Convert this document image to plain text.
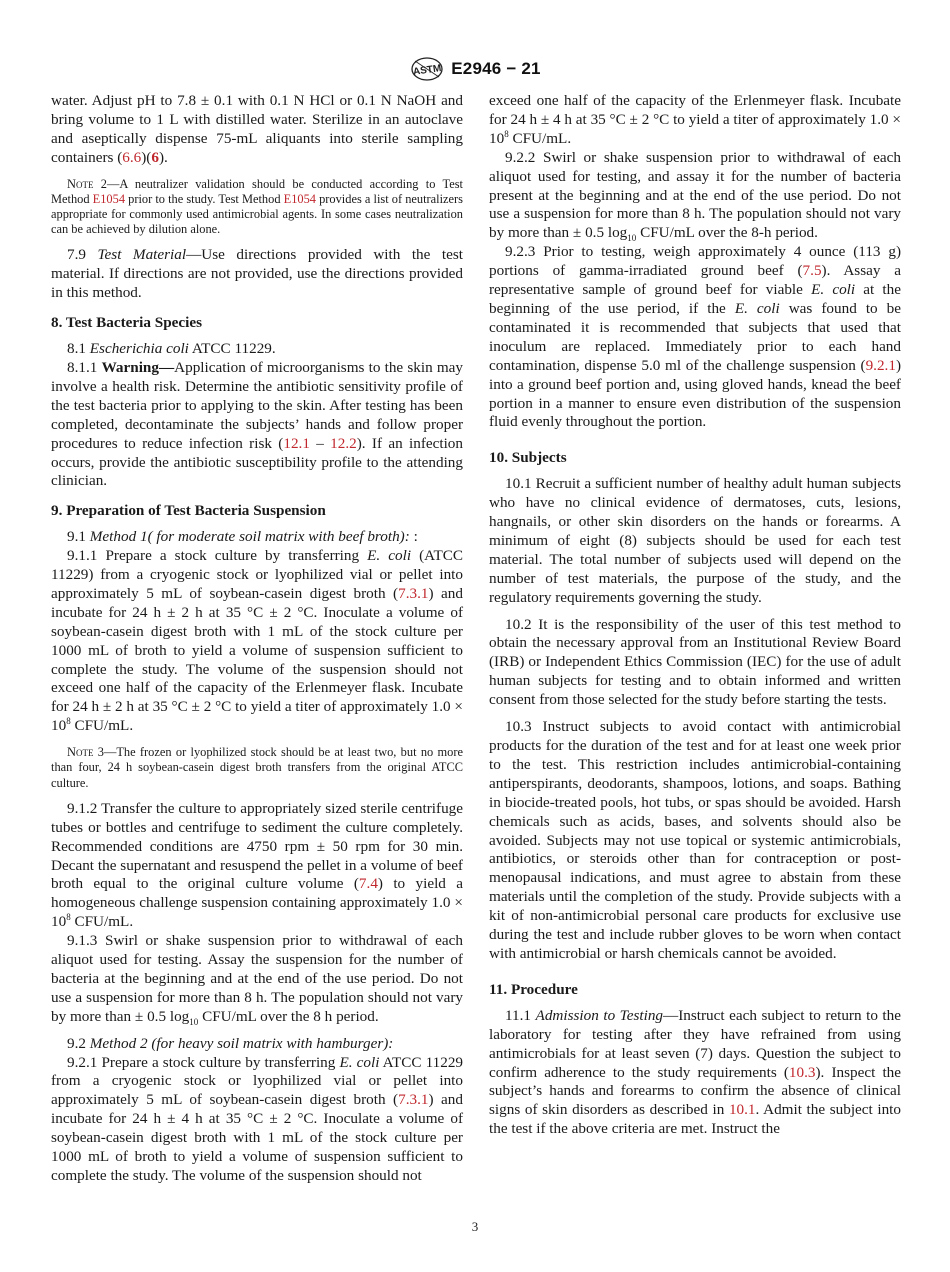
ASTM E2946 − 21

water. Adjust pH to 7.8 ± 0.1 with 0.1 N HCl or 0.1 N NaOH and bring volume to 1 L with distilled water. Sterilize in an autoclave and aseptically dispense 75-mL aliquants into sterile sampling containers (6.6)(6).

Note 2—A neutralizer validation should be conducted according to Test Method E1054 prior to the study. Test Method E1054 provides a list of neutralizers appropriate for commonly used antimicrobial agents. In some cases neutralization can be achieved by dilution alone.

7.9 Test Material—Use directions provided with the test material. If directions are not provided, use the directions provided in this method.

8. Test Bacteria Species

8.1 Escherichia coli ATCC 11229.

8.1.1 Warning—Application of microorganisms to the skin may involve a health risk. Determine the antibiotic sensitivity profile of the test bacteria prior to applying to the skin. After testing has been completed, decontaminate the subjects’ hands and follow proper procedures to reduce infection risk (12.1 – 12.2). If an infection occurs, provide the antibiotic susceptibility profile to the attending clinician.

9. Preparation of Test Bacteria Suspension

9.1 Method 1( for moderate soil matrix with beef broth): :

9.1.1 Prepare a stock culture by transferring E. coli (ATCC 11229) from a cryogenic stock or lyophilized vial or pellet into approximately 5 mL of soybean-casein digest broth (7.3.1) and incubate for 24 h ± 2 h at 35 °C ± 2 °C. Inoculate a volume of soybean-casein digest broth with 1 mL of the stock culture per 1000 mL of broth to yield a volume of suspension sufficient to complete the study. The volume of the suspension should not exceed one half of the capacity of the Erlenmeyer flask. Incubate for 24 h ± 2 h at 35 °C ± 2 °C to yield a titer of approximately $1.0 \times 10^8$ CFU/mL.

Note 3—The frozen or lyophilized stock should be at least two, but no more than four, 24 h soybean-casein digest broth transfers from the original ATCC culture.

9.1.2 Transfer the culture to appropriately sized sterile centrifuge tubes or bottles and centrifuge to sediment the culture completely. Recommended conditions are 4750 rpm ± 50 rpm for 30 min. Decant the supernatant and resuspend the pellet in a volume of beef broth equal to the original culture volume (7.4) to yield a homogeneous challenge suspension containing approximately $1.0 \times 10^8$ CFU/mL.

9.1.3 Swirl or shake suspension prior to withdrawal of each aliquot used for testing. Assay the suspension for the number of bacteria at the beginning and at the end of the use period. Do not use a suspension for more than 8 h. The population should not vary by more than ± 0.5 $\log_{10} CFU/mL$ over the 8 h period.

9.2 Method 2 (for heavy soil matrix with hamburger):

9.2.1 Prepare a stock culture by transferring E. coli ATCC 11229 from a cryogenic stock or lyophilized vial or pellet into approximately 5 mL of soybean-casein digest broth (7.3.1) and incubate for 24 h ± 4 h at 35 °C ± 2 °C. Inoculate a volume of soybean-casein digest broth with 1 mL of the stock culture per 1000 mL of broth to yield a volume of suspension sufficient to complete the study. The volume of the suspension should not

exceed one half of the capacity of the Erlenmeyer flask. Incubate for 24 h ± 4 h at 35 °C ± 2 °C to yield a titer of approximately $1.0 \times 10^8$ CFU/mL.

9.2.2 Swirl or shake suspension prior to withdrawal of each aliquot used for testing, and assay it for the number of bacteria present at the beginning and at the end of the use period. Do not use a suspension for more than 8 h. The population should not vary by more than ± 0.5 $\log_{10} CFU/mL$ over the 8-h period.

9.2.3 Prior to testing, weigh approximately 4 ounce (113 g) portions of gamma-irradiated ground beef (7.5). Assay a representative sample of ground beef for viable E. coli at the beginning of the use period, if the E. coli was found to be contaminated it is recommended that subjects that used that inoculum are replaced. Immediately prior to each hand contamination, dispense 5.0 ml of the challenge suspension (9.2.1) into a ground beef portion and, using gloved hands, knead the beef portion in a manner to ensure even distribution of the suspension fluid evenly throughout the portion.

10. Subjects

10.1 Recruit a sufficient number of healthy adult human subjects who have no clinical evidence of dermatoses, cuts, lesions, hangnails, or other skin disorders on the hands or forearms. A minimum of eight (8) subjects should be used for each test material. The total number of subjects used will depend on the number of test materials, the purpose of the study, and the regulatory requirements governing the study.

10.2 It is the responsibility of the user of this test method to obtain the necessary approval from an Institutional Review Board (IRB) or Independent Ethics Commission (IEC) for the use of adult human subjects for testing and to obtain informed and written consent from those selected for the study before starting the tests.

10.3 Instruct subjects to avoid contact with antimicrobial products for the duration of the test and for at least one week prior to the test. This restriction includes antimicrobial-containing antiperspirants, deodorants, shampoos, lotions, and soaps. Bathing in biocide-treated pools, hot tubs, or spas should be avoided. Harsh chemicals such as acids, bases, and solvents should also be avoided. Subjects may not use topical or systemic antimicrobials, antibiotics, or steroids other than for contraception or post-menopausal indications, and must agree to abstain from these materials until the completion of the study. Provide subjects with a kit of non-antimicrobial personal care products for exclusive use during the test and include rubber gloves to be worn when contact with antimicrobial or harsh chemicals cannot be avoided.

11. Procedure

11.1 Admission to Testing—Instruct each subject to return to the laboratory for testing after they have refrained from using antimicrobials for at least seven (7) days. Question the subject to confirm adherence to the study requirements (10.3). Inspect the subject’s hands and forearms to confirm the absence of clinical signs of skin disorders as described in 10.1. Admit the subject into the test if the above criteria are met. Instruct the

3
